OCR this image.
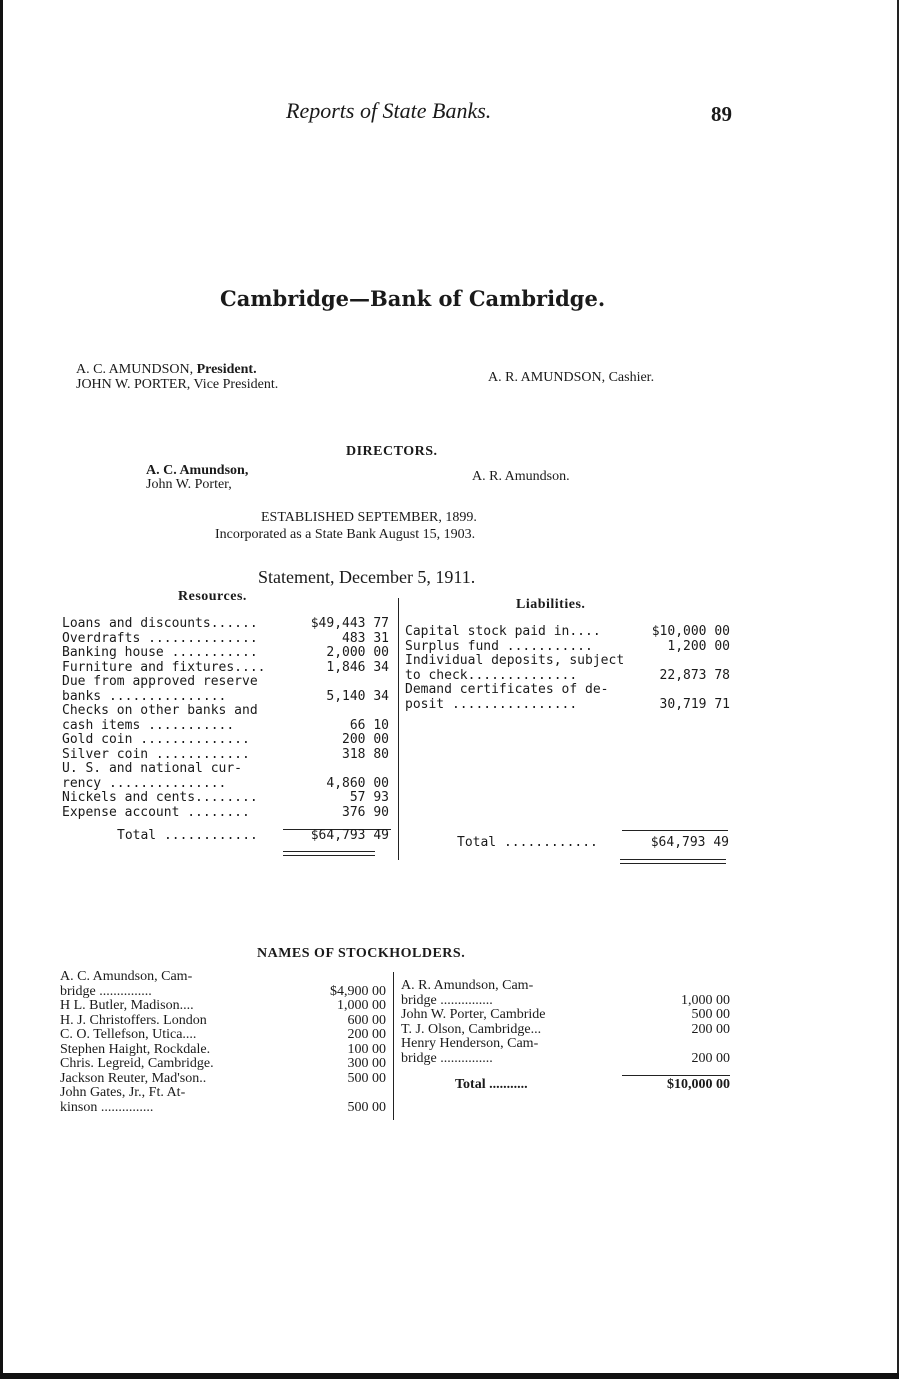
Reports of State Banks.	89
Cambridge—Bank of Cambridge.
A. C. AMUNDSON, President.
JOHN W. PORTER, Vice President.	A. R. AMUNDSON, Cashier.
DIRECTORS.
A. C. Amundson,
John W. Porter,
A. R. Amundson.
ESTABLISHED SEPTEMBER, 1899.
Incorporated as a State Bank August 15, 1903.
Statement, December 5, 1911.
Resources.
Liabilities.
Loans and discounts......	$49,443 77
Overdrafts ..............	483 31
Banking house ...........	2,000 00
Furniture and fixtures....	1,846 34
Due from approved reserve
banks ...............	5,140 34
Checks on other banks and
cash items ...........	66 10
Gold coin ..............	200 00
Silver coin ............	318 80
U. S. and national cur-
rency ...............	4,860 00
Nickels and cents........	57 93
Expense account ........	376 90
Capital stock paid in....	$10,000 00
Surplus fund ...........	1,200 00
Individual deposits, subject
to check..............	22,873 78
Demand certificates of de-
posit ................	30,719 71
Total ............	$64,793 49	Total ............	$64,793 49
NAMES OF STOCKHOLDERS.
A. C. Amundson, Cam-
bridge ...............	$4,900 00
H L. Butler, Madison....	1,000 00
H. J. Christoffers. London	600 00
C. O. Tellefson, Utica....	200 00
Stephen Haight, Rockdale.	100 00
Chris. Legreid, Cambridge.	300 00
Jackson Reuter, Mad'son..	500 00
John Gates, Jr., Ft. At-
kinson ...............	500 00
A. R. Amundson, Cam-
bridge ...............	1,000 00
John W. Porter, Cambride	500 00
T. J. Olson, Cambridge...	200 00
Henry Henderson, Cam-
bridge ...............	200 00
Total ...........	$10,000 00
